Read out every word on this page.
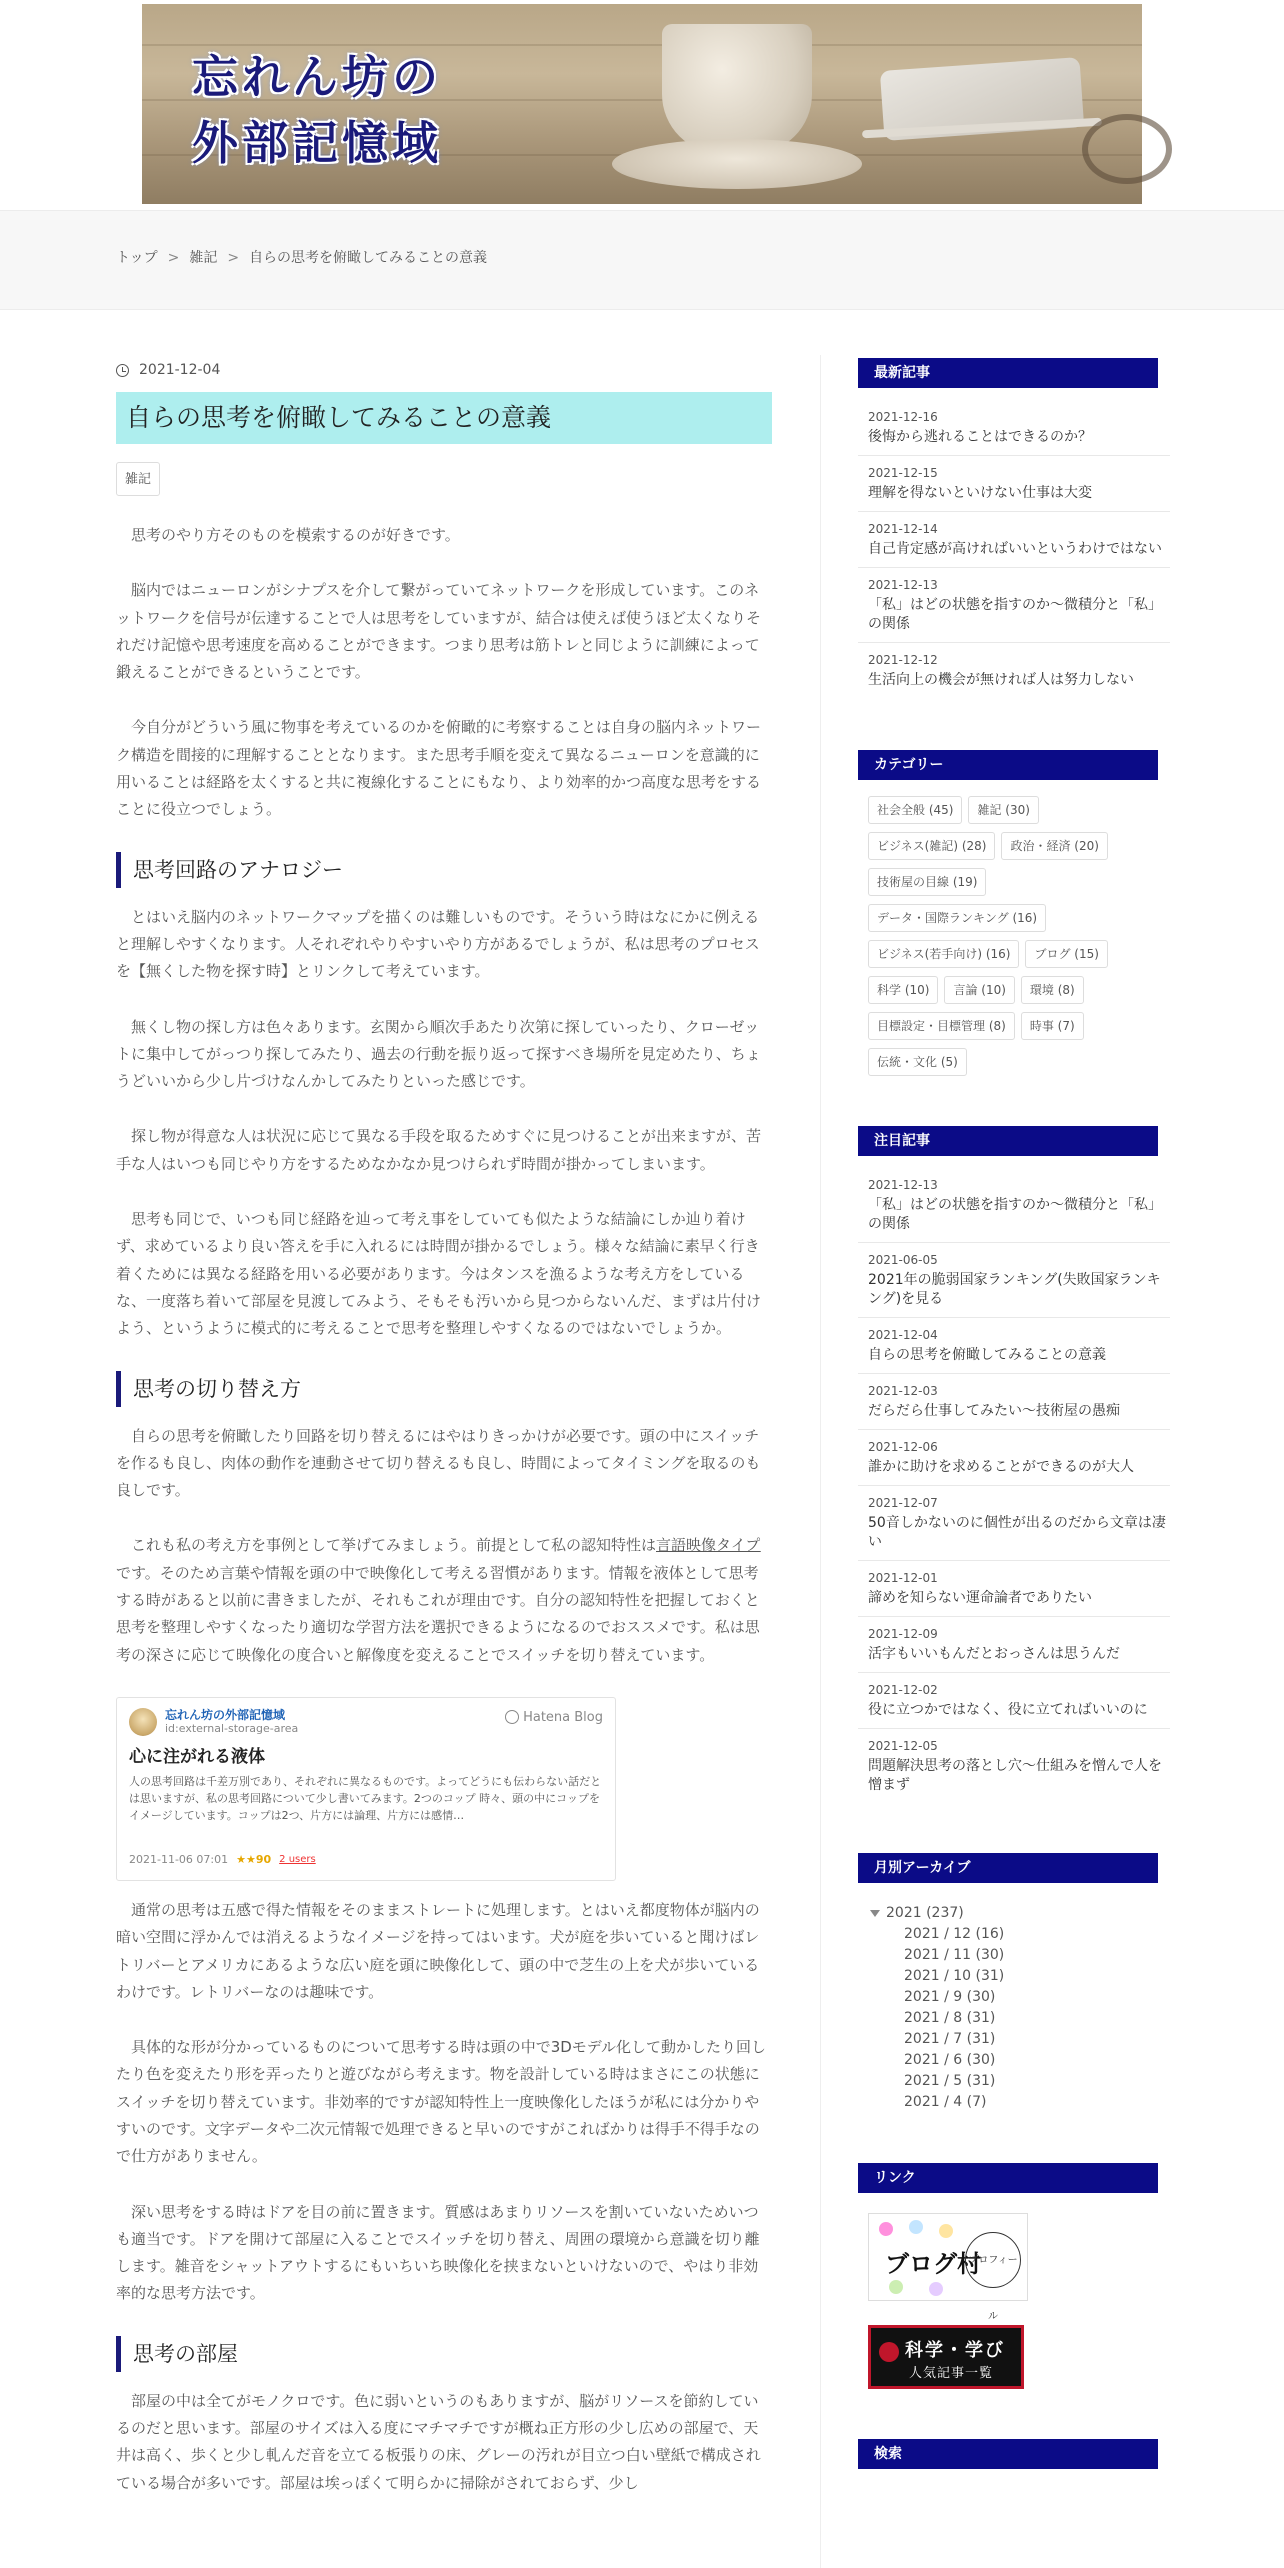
忘れん坊の
外部記憶域
トップ > 雑記 > 自らの思考を俯瞰してみることの意義
2021-12-04
自らの思考を俯瞰してみることの意義
雑記

思考のやり方そのものを模索するのが好きです。

脳内ではニューロンがシナプスを介して繋がっていてネットワークを形成しています。このネットワークを信号が伝達することで人は思考をしていますが、結合は使えば使うほど太くなりそれだけ記憶や思考速度を高めることができます。つまり思考は筋トレと同じように訓練によって鍛えることができるということです。

今自分がどういう風に物事を考えているのかを俯瞰的に考察することは自身の脳内ネットワーク構造を間接的に理解することとなります。また思考手順を変えて異なるニューロンを意識的に用いることは経路を太くすると共に複線化することにもなり、より効率的かつ高度な思考をすることに役立つでしょう。

思考回路のアナロジー

とはいえ脳内のネットワークマップを描くのは難しいものです。そういう時はなにかに例えると理解しやすくなります。人それぞれやりやすいやり方があるでしょうが、私は思考のプロセスを【無くした物を探す時】とリンクして考えています。

無くし物の探し方は色々あります。玄関から順次手あたり次第に探していったり、クローゼットに集中してがっつり探してみたり、過去の行動を振り返って探すべき場所を見定めたり、ちょうどいいから少し片づけなんかしてみたりといった感じです。

探し物が得意な人は状況に応じて異なる手段を取るためすぐに見つけることが出来ますが、苦手な人はいつも同じやり方をするためなかなか見つけられず時間が掛かってしまいます。

思考も同じで、いつも同じ経路を辿って考え事をしていても似たような結論にしか辿り着けず、求めているより良い答えを手に入れるには時間が掛かるでしょう。様々な結論に素早く行き着くためには異なる経路を用いる必要があります。今はタンスを漁るような考え方をしているな、一度落ち着いて部屋を見渡してみよう、そもそも汚いから見つからないんだ、まずは片付けよう、というように模式的に考えることで思考を整理しやすくなるのではないでしょうか。

思考の切り替え方

自らの思考を俯瞰したり回路を切り替えるにはやはりきっかけが必要です。頭の中にスイッチを作るも良し、肉体の動作を連動させて切り替えるも良し、時間によってタイミングを取るのも良しです。

これも私の考え方を事例として挙げてみましょう。前提として私の認知特性は言語映像タイプです。そのため言葉や情報を頭の中で映像化して考える習慣があります。情報を液体として思考する時があると以前に書きましたが、それもこれが理由です。自分の認知特性を把握しておくと思考を整理しやすくなったり適切な学習方法を選択できるようになるのでおススメです。私は思考の深さに応じて映像化の度合いと解像度を変えることでスイッチを切り替えています。

忘れん坊の外部記憶域
id:external-storage-area
Hatena Blog
心に注がれる液体
人の思考回路は千差万別であり、それぞれに異なるものです。よってどうにも伝わらない話だとは思いますが、私の思考回路について少し書いてみます。2つのコップ 時々、頭の中にコップをイメージしています。コップは2つ、片方には論理、片方には感情…
2021-11-06 07:01 ★★90 2 users

通常の思考は五感で得た情報をそのままストレートに処理します。とはいえ都度物体が脳内の暗い空間に浮かんでは消えるようなイメージを持ってはいます。犬が庭を歩いていると聞けばレトリバーとアメリカにあるような広い庭を頭に映像化して、頭の中で芝生の上を犬が歩いているわけです。レトリバーなのは趣味です。

具体的な形が分かっているものについて思考する時は頭の中で3Dモデル化して動かしたり回したり色を変えたり形を弄ったりと遊びながら考えます。物を設計している時はまさにこの状態にスイッチを切り替えています。非効率的ですが認知特性上一度映像化したほうが私には分かりやすいのです。文字データや二次元情報で処理できると早いのですがこればかりは得手不得手なので仕方がありません。

深い思考をする時はドアを目の前に置きます。質感はあまりリソースを割いていないためいつも適当です。ドアを開けて部屋に入ることでスイッチを切り替え、周囲の環境から意識を切り離します。雑音をシャットアウトするにもいちいち映像化を挟まないといけないので、やはり非効率的な思考方法です。

思考の部屋

部屋の中は全てがモノクロです。色に弱いというのもありますが、脳がリソースを節約しているのだと思います。部屋のサイズは入る度にマチマチですが概ね正方形の少し広めの部屋で、天井は高く、歩くと少し軋んだ音を立てる板張りの床、グレーの汚れが目立つ白い壁紙で構成されている場合が多いです。部屋は埃っぽくて明らかに掃除がされておらず、少し

最新記事
2021-12-16
後悔から逃れることはできるのか？
2021-12-15
理解を得ないといけない仕事は大変
2021-12-14
自己肯定感が高ければいいというわけではない
2021-12-13
「私」はどの状態を指すのか～微積分と「私」の関係
2021-12-12
生活向上の機会が無ければ人は努力しない
カテゴリー
社会全般 (45)	雑記 (30)
ビジネス(雑記) (28)	政治・経済 (20)
技術屋の目線 (19)
データ・国際ランキング (16)
ビジネス(若手向け) (16)	ブログ (15)
科学 (10)	言論 (10)	環境 (8)
目標設定・目標管理 (8)	時事 (7)
伝統・文化 (5)
注目記事
2021-12-13
「私」はどの状態を指すのか～微積分と「私」の関係
2021-06-05
2021年の脆弱国家ランキング(失敗国家ランキング)を見る
2021-12-04
自らの思考を俯瞰してみることの意義
2021-12-03
だらだら仕事してみたい～技術屋の愚痴
2021-12-06
誰かに助けを求めることができるのが大人
2021-12-07
50音しかないのに個性が出るのだから文章は凄い
2021-12-01
諦めを知らない運命論者でありたい
2021-12-09
活字もいいもんだとおっさんは思うんだ
2021-12-02
役に立つかではなく、役に立てればいいのに
2021-12-05
問題解決思考の落とし穴～仕組みを憎んで人を憎まず
月別アーカイブ
2021 (237)
2021 / 12 (16)
2021 / 11 (30)
2021 / 10 (31)
2021 / 9 (30)
2021 / 8 (31)
2021 / 7 (31)
2021 / 6 (30)
2021 / 5 (31)
2021 / 4 (7)
リンク
ブログ村
プロフィール
科学・学び
人気記事一覧
検索
